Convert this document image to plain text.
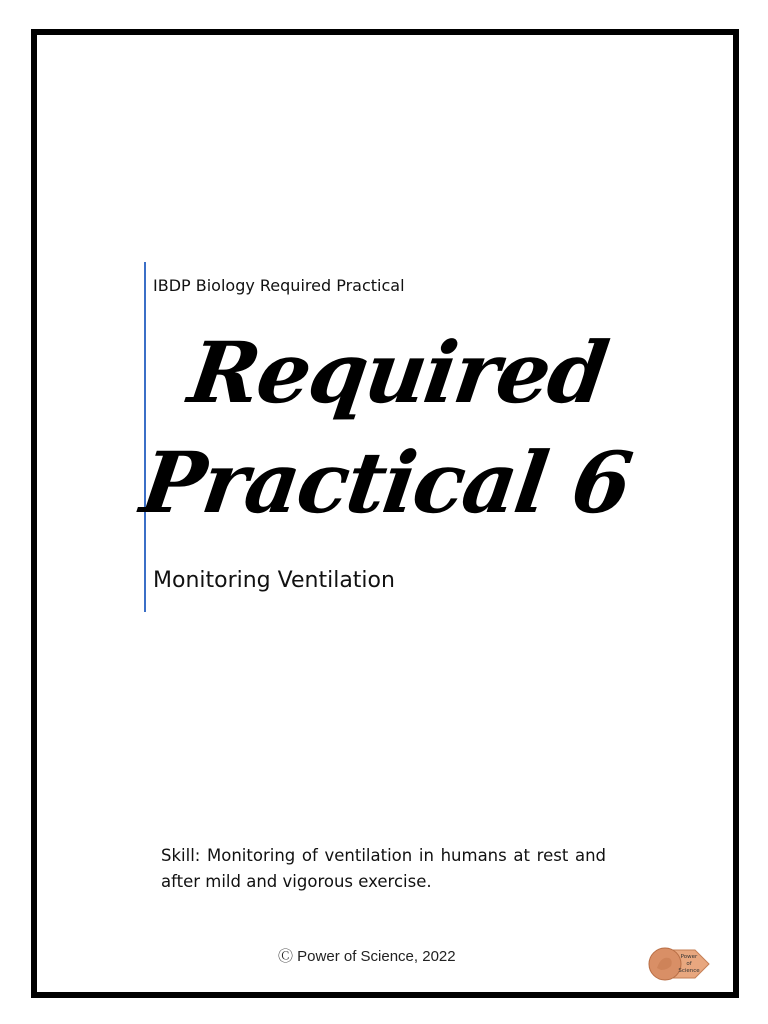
IBDP Biology Required Practical
Required
Practical 6
Monitoring Ventilation

Skill: Monitoring of ventilation in humans at rest and after mild and vigorous exercise.

Ⓒ Power of Science, 2022	Power
of
Science
